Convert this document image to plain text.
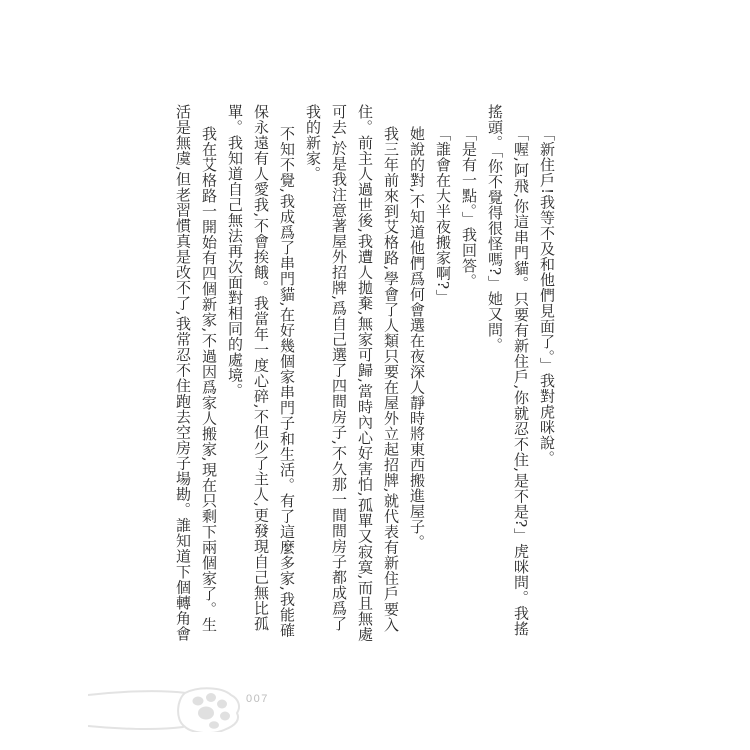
「新住戶!我等不及和他們見面了。」我對虎咪說。

「喔,阿飛,你這串門貓。只要有新住戶,你就忍不住,是不是?」虎咪問。我搖搖頭。「你不覺得很怪嗎?」她又問。

「是有一點。」我回答。

「誰會在大半夜搬家啊?」

她說的對,不知道他們爲何會選在夜深人靜時將東西搬進屋子。

我三年前來到艾格路,學會了人類只要在屋外立起招牌,就代表有新住戶要入住。前主人過世後,我遭人拋棄,無家可歸,當時內心好害怕,孤單又寂寞,而且無處可去,於是我注意著屋外招牌,爲自己選了四間房子,不久那一間間房子都成爲了我的新家。

不知不覺,我成爲了串門貓,在好幾個家串門子和生活。有了這麼多家,我能確保永遠有人愛我,不會挨餓。我當年一度心碎,不但少了主人,更發現自己無比孤單。我知道自己無法再次面對相同的處境。

我在艾格路一開始有四個新家,不過因爲家人搬家,現在只剩下兩個家了。生活是無虞,但老習慣真是改不了,我常忍不住跑去空房子場勘。誰知道下個轉角會

007
